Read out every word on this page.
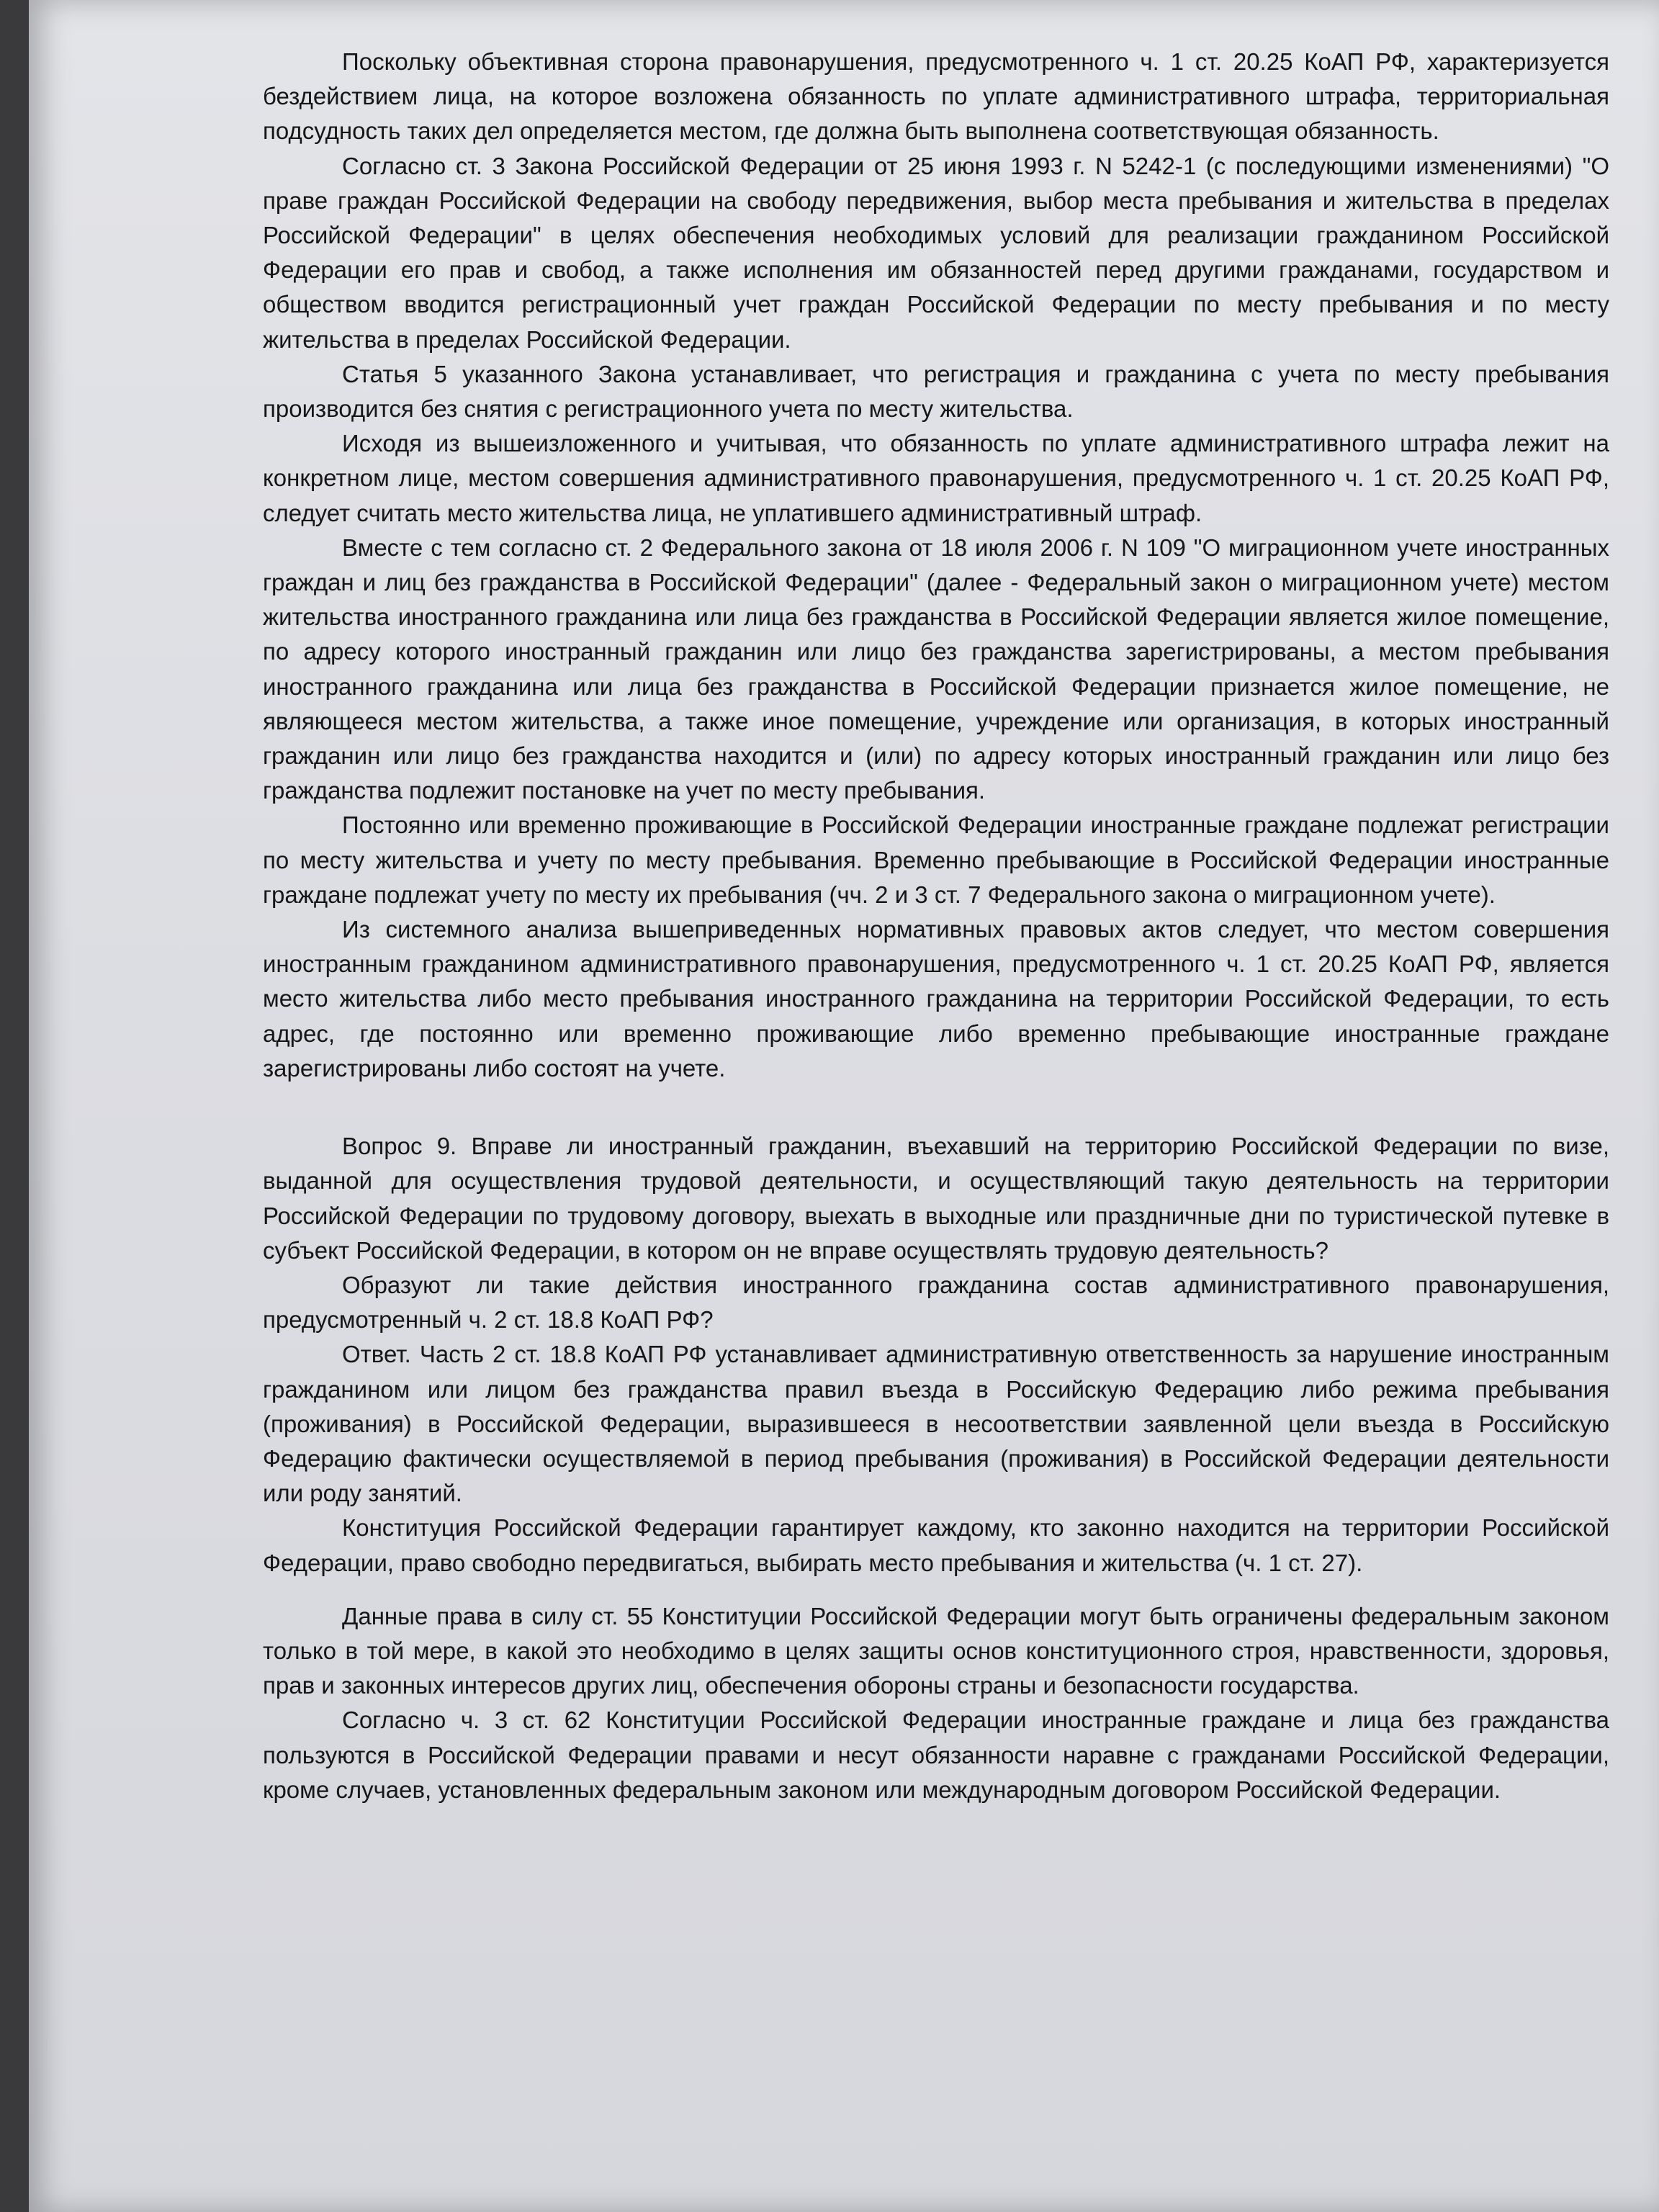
Поскольку объективная сторона правонарушения, предусмотренного ч. 1 ст. 20.25 КоАП РФ, характеризуется бездействием лица, на которое возложена обязанность по уплате административного штрафа, территориальная подсудность таких дел определяется местом, где должна быть выполнена соответствующая обязанность.

Согласно ст. 3 Закона Российской Федерации от 25 июня 1993 г. N 5242-1 (с последующими изменениями) "О праве граждан Российской Федерации на свободу передвижения, выбор места пребывания и жительства в пределах Российской Федерации" в целях обеспечения необходимых условий для реализации гражданином Российской Федерации его прав и свобод, а также исполнения им обязанностей перед другими гражданами, государством и обществом вводится регистрационный учет граждан Российской Федерации по месту пребывания и по месту жительства в пределах Российской Федерации.

Статья 5 указанного Закона устанавливает, что регистрация и гражданина с учета по месту пребывания производится без снятия с регистрационного учета по месту жительства.

Исходя из вышеизложенного и учитывая, что обязанность по уплате административного штрафа лежит на конкретном лице, местом совершения административного правонарушения, предусмотренного ч. 1 ст. 20.25 КоАП РФ, следует считать место жительства лица, не уплатившего административный штраф.

Вместе с тем согласно ст. 2 Федерального закона от 18 июля 2006 г. N 109 "О миграционном учете иностранных граждан и лиц без гражданства в Российской Федерации" (далее - Федеральный закон о миграционном учете) местом жительства иностранного гражданина или лица без гражданства в Российской Федерации является жилое помещение, по адресу которого иностранный гражданин или лицо без гражданства зарегистрированы, а местом пребывания иностранного гражданина или лица без гражданства в Российской Федерации признается жилое помещение, не являющееся местом жительства, а также иное помещение, учреждение или организация, в которых иностранный гражданин или лицо без гражданства находится и (или) по адресу которых иностранный гражданин или лицо без гражданства подлежит постановке на учет по месту пребывания.

Постоянно или временно проживающие в Российской Федерации иностранные граждане подлежат регистрации по месту жительства и учету по месту пребывания. Временно пребывающие в Российской Федерации иностранные граждане подлежат учету по месту их пребывания (чч. 2 и 3 ст. 7 Федерального закона о миграционном учете).

Из системного анализа вышеприведенных нормативных правовых актов следует, что местом совершения иностранным гражданином административного правонарушения, предусмотренного ч. 1 ст. 20.25 КоАП РФ, является место жительства либо место пребывания иностранного гражданина на территории Российской Федерации, то есть адрес, где постоянно или временно проживающие либо временно пребывающие иностранные граждане зарегистрированы либо состоят на учете.

Вопрос 9. Вправе ли иностранный гражданин, въехавший на территорию Российской Федерации по визе, выданной для осуществления трудовой деятельности, и осуществляющий такую деятельность на территории Российской Федерации по трудовому договору, выехать в выходные или праздничные дни по туристической путевке в субъект Российской Федерации, в котором он не вправе осуществлять трудовую деятельность?

Образуют ли такие действия иностранного гражданина состав административного правонарушения, предусмотренный ч. 2 ст. 18.8 КоАП РФ?

Ответ. Часть 2 ст. 18.8 КоАП РФ устанавливает административную ответственность за нарушение иностранным гражданином или лицом без гражданства правил въезда в Российскую Федерацию либо режима пребывания (проживания) в Российской Федерации, выразившееся в несоответствии заявленной цели въезда в Российскую Федерацию фактически осуществляемой в период пребывания (проживания) в Российской Федерации деятельности или роду занятий.

Конституция Российской Федерации гарантирует каждому, кто законно находится на территории Российской Федерации, право свободно передвигаться, выбирать место пребывания и жительства (ч. 1 ст. 27).

Данные права в силу ст. 55 Конституции Российской Федерации могут быть ограничены федеральным законом только в той мере, в какой это необходимо в целях защиты основ конституционного строя, нравственности, здоровья, прав и законных интересов других лиц, обеспечения обороны страны и безопасности государства.

Согласно ч. 3 ст. 62 Конституции Российской Федерации иностранные граждане и лица без гражданства пользуются в Российской Федерации правами и несут обязанности наравне с гражданами Российской Федерации, кроме случаев, установленных федеральным законом или международным договором Российской Федерации.
